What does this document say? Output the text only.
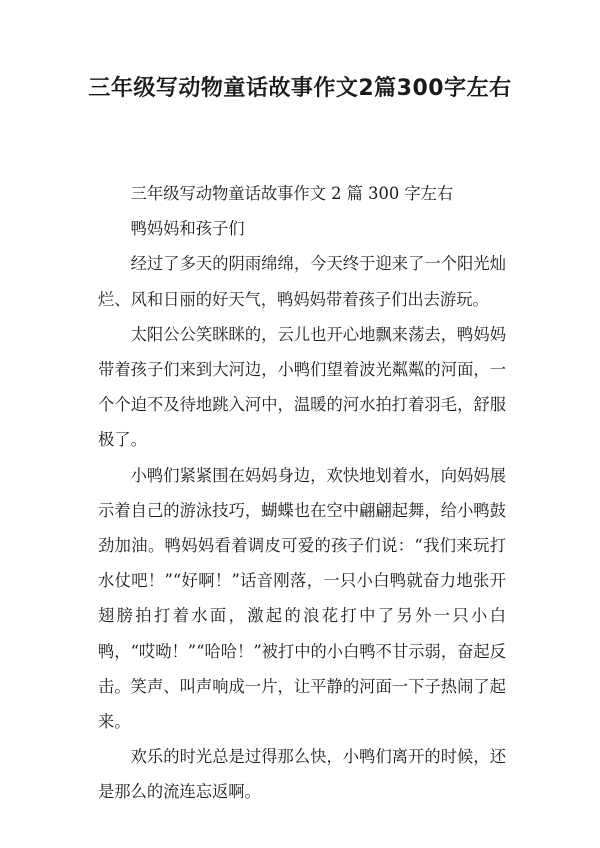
三年级写动物童话故事作文2篇300字左右

三年级写动物童话故事作文 2 篇 300 字左右

鸭妈妈和孩子们

经过了多天的阴雨绵绵，今天终于迎来了一个阳光灿烂、风和日丽的好天气，鸭妈妈带着孩子们出去游玩。

太阳公公笑眯眯的，云儿也开心地飘来荡去，鸭妈妈带着孩子们来到大河边，小鸭们望着波光粼粼的河面，一个个迫不及待地跳入河中，温暖的河水拍打着羽毛，舒服极了。

小鸭们紧紧围在妈妈身边，欢快地划着水，向妈妈展示着自己的游泳技巧，蝴蝶也在空中翩翩起舞，给小鸭鼓劲加油。鸭妈妈看着调皮可爱的孩子们说：“我们来玩打水仗吧！”“好啊！”话音刚落，一只小白鸭就奋力地张开翅膀拍打着水面，激起的浪花打中了另外一只小白鸭，“哎呦！”“哈哈！”被打中的小白鸭不甘示弱，奋起反击。笑声、叫声响成一片，让平静的河面一下子热闹了起来。

欢乐的时光总是过得那么快，小鸭们离开的时候，还是那么的流连忘返啊。
